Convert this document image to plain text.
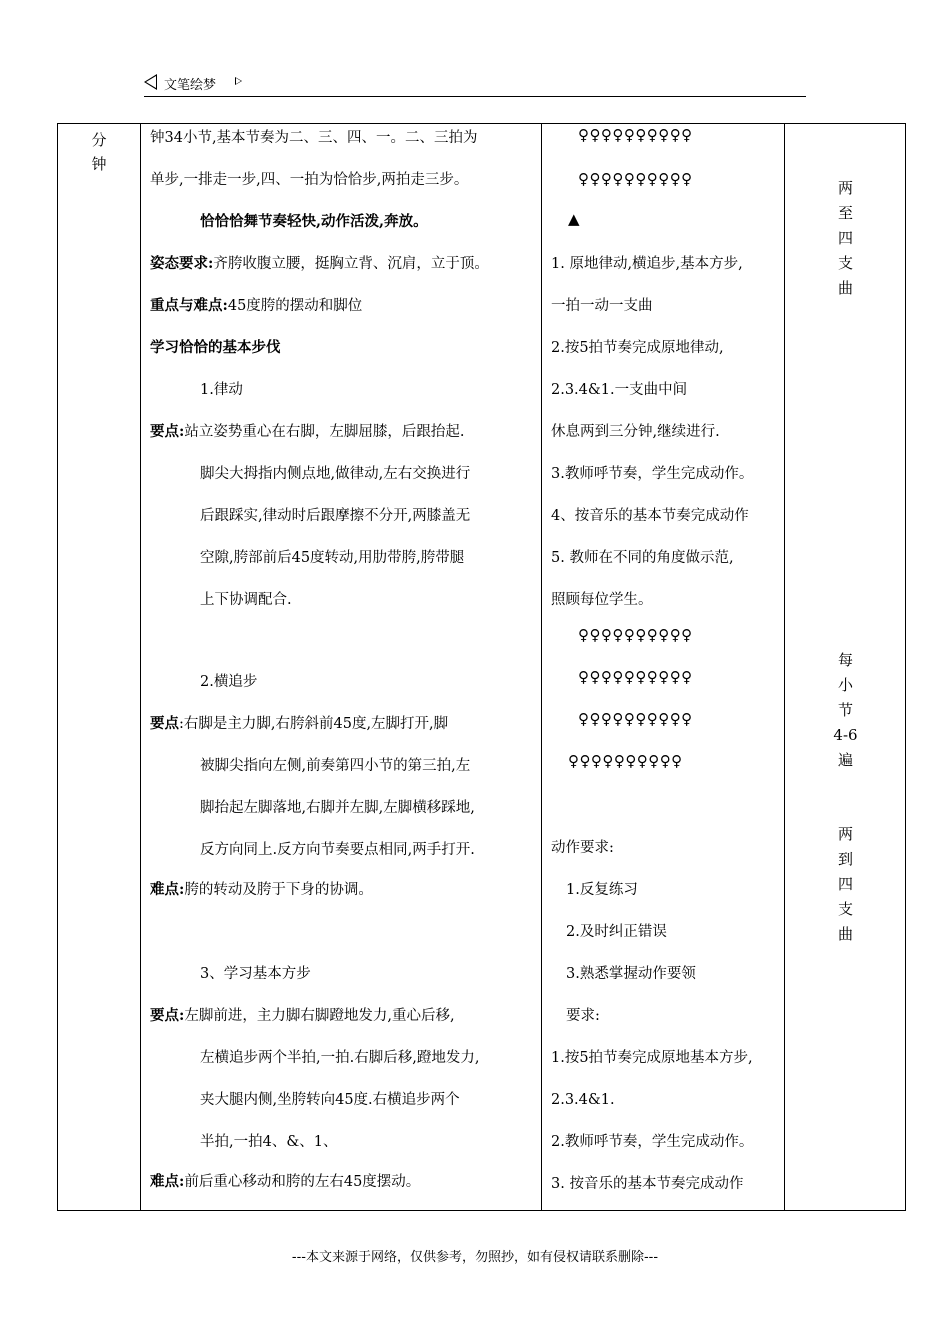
文笔绘梦
分
钟
钟34小节,基本节奏为二、三、四、一。二、三拍为
单步,一排走一步,四、一拍为恰恰步,两拍走三步。
恰恰恰舞节奏轻快,动作活泼,奔放。
姿态要求:齐胯收腹立腰，挺胸立背、沉肩，立于顶。
重点与难点:45度胯的摆动和脚位
学习恰恰的基本步伐
1.律动
要点:站立姿势重心在右脚，左脚屈膝，后跟抬起.
脚尖大拇指内侧点地,做律动,左右交换进行
后跟踩实,律动时后跟摩擦不分开,两膝盖无
空隙,胯部前后45度转动,用肋带胯,胯带腿
上下协调配合.
2.横追步
要点:右脚是主力脚,右胯斜前45度,左脚打开,脚
被脚尖指向左侧,前奏第四小节的第三拍,左
脚抬起左脚落地,右脚并左脚,左脚横移踩地,
反方向同上.反方向节奏要点相同,两手打开.
难点:胯的转动及胯于下身的协调。
3、学习基本方步
要点:左脚前进，主力脚右脚蹬地发力,重心后移,
左横追步两个半拍,一拍.右脚后移,蹬地发力,
夹大腿内侧,坐胯转向45度.右横追步两个
半拍,一拍4、&、1、
难点:前后重心移动和胯的左右45度摆动。
♀♀♀♀♀♀♀♀♀♀
♀♀♀♀♀♀♀♀♀♀
▲
1. 原地律动,横追步,基本方步,
一拍一动一支曲
2.按5拍节奏完成原地律动,
2.3.4&1.一支曲中间
休息两到三分钟,继续进行.
3.教师呼节奏，学生完成动作。
4、按音乐的基本节奏完成动作
5. 教师在不同的角度做示范,
照顾每位学生。
♀♀♀♀♀♀♀♀♀♀
♀♀♀♀♀♀♀♀♀♀
♀♀♀♀♀♀♀♀♀♀
♀♀♀♀♀♀♀♀♀♀
动作要求:
1.反复练习
2.及时纠正错误
3.熟悉掌握动作要领
要求:
1.按5拍节奏完成原地基本方步,
2.3.4&1.
2.教师呼节奏，学生完成动作。
3. 按音乐的基本节奏完成动作
两
至
四
支
曲
每
小
节
4-6
遍
两
到
四
支
曲
---本文来源于网络，仅供参考，勿照抄，如有侵权请联系删除---
